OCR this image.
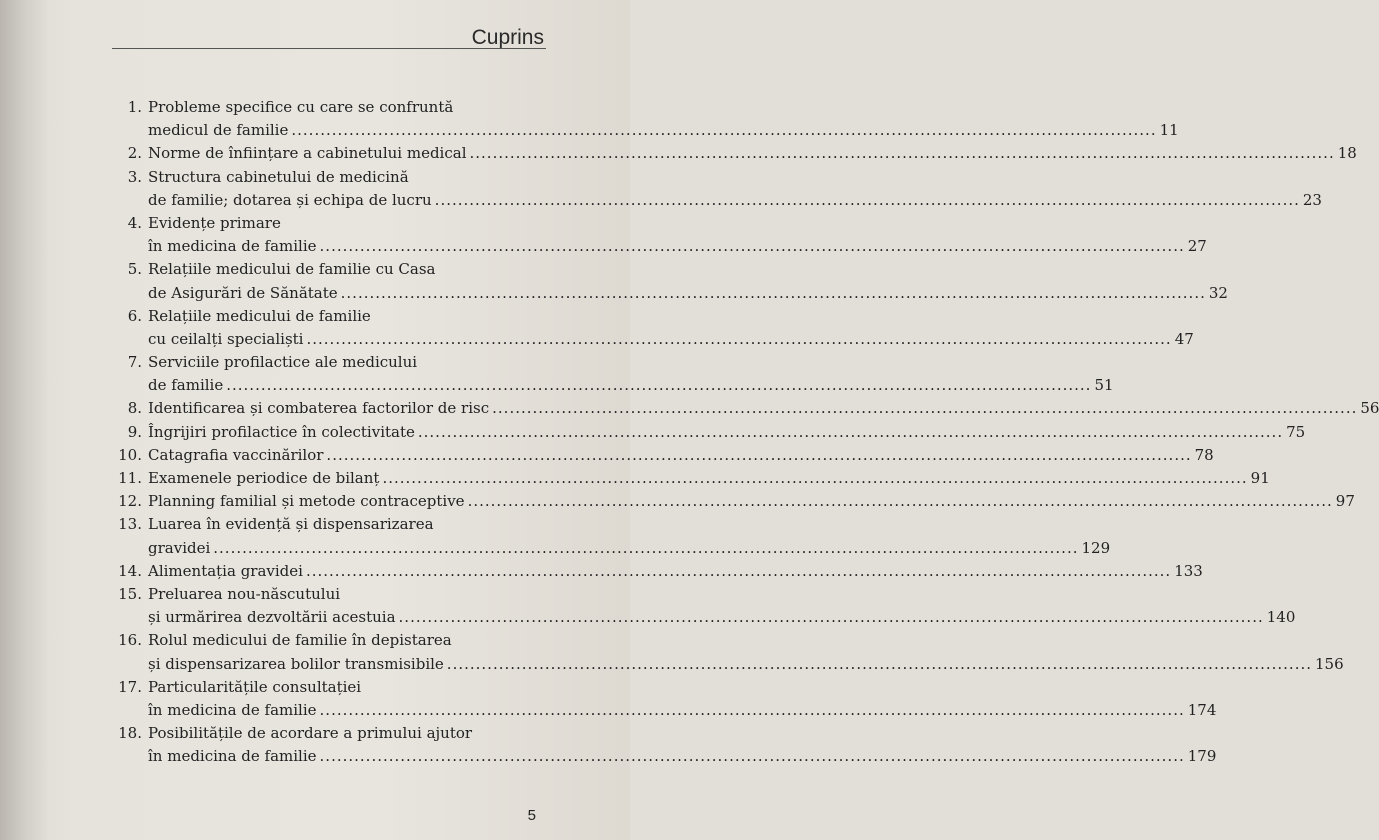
Cuprins
1. Probleme specifice cu care se confruntă
medicul de familie .....	11
2. Norme de înființare a cabinetului medical .....	18
3. Structura cabinetului de medicină
de familie; dotarea și echipa de lucru .....	23
4. Evidențe primare
în medicina de familie .....	27
5. Relațiile medicului de familie cu Casa
de Asigurări de Sănătate .....	32
6. Relațiile medicului de familie
cu ceilalți specialiști .....	47
7. Serviciile profilactice ale medicului
de familie .....	51
8. Identificarea și combaterea factorilor de risc .....	56
9. Îngrijiri profilactice în colectivitate .....	75
10. Catagrafia vaccinărilor .....	78
11. Examenele periodice de bilanț .....	91
12. Planning familial și metode contraceptive .....	97
13. Luarea în evidență și dispensarizarea
gravidei .....	129
14. Alimentația gravidei .....	133
15. Preluarea nou-născutului
și urmărirea dezvoltării acestuia .....	140
16. Rolul medicului de familie în depistarea
și dispensarizarea bolilor transmisibile .....	156
17. Particularitățile consultației
în medicina de familie .....	174
18. Posibilitățile de acordare a primului ajutor
în medicina de familie .....	179
5
